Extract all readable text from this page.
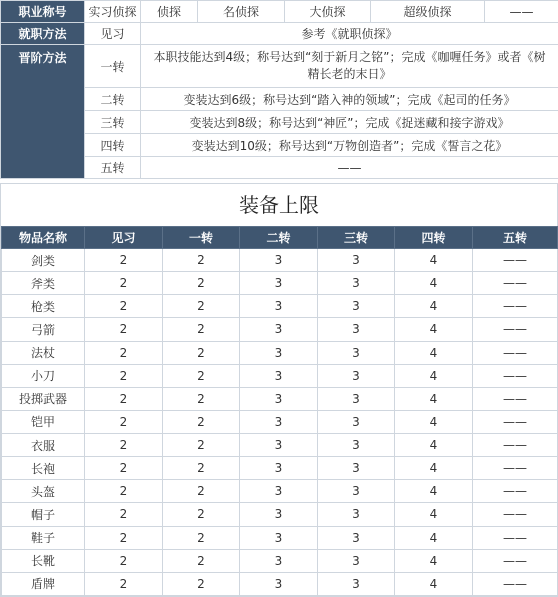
职业称号	实习侦探	侦探	名侦探	大侦探	超级侦探	——
就职方法	见习	参考《就职侦探》				
晋阶方法	一转	本职技能达到4级；称号达到“刻于新月之铭”；完成《咖喱任务》或者《树精长老的末日》				
	二转	变装达到6级；称号达到“踏入神的领域”；完成《起司的任务》				
	三转	变装达到8级；称号达到“神匠”；完成《捉迷藏和接字游戏》				
	四转	变装达到10级；称号达到“万物创造者”；完成《誓言之花》				
	五转	——				
装备上限
物品名称	见习	一转	二转	三转	四转	五转
剑类	2	2	3	3	4	——
斧类	2	2	3	3	4	——
枪类	2	2	3	3	4	——
弓箭	2	2	3	3	4	——
法杖	2	2	3	3	4	——
小刀	2	2	3	3	4	——
投掷武器	2	2	3	3	4	——
铠甲	2	2	3	3	4	——
衣服	2	2	3	3	4	——
长袍	2	2	3	3	4	——
头盔	2	2	3	3	4	——
帽子	2	2	3	3	4	——
鞋子	2	2	3	3	4	——
长靴	2	2	3	3	4	——
盾牌	2	2	3	3	4	——
